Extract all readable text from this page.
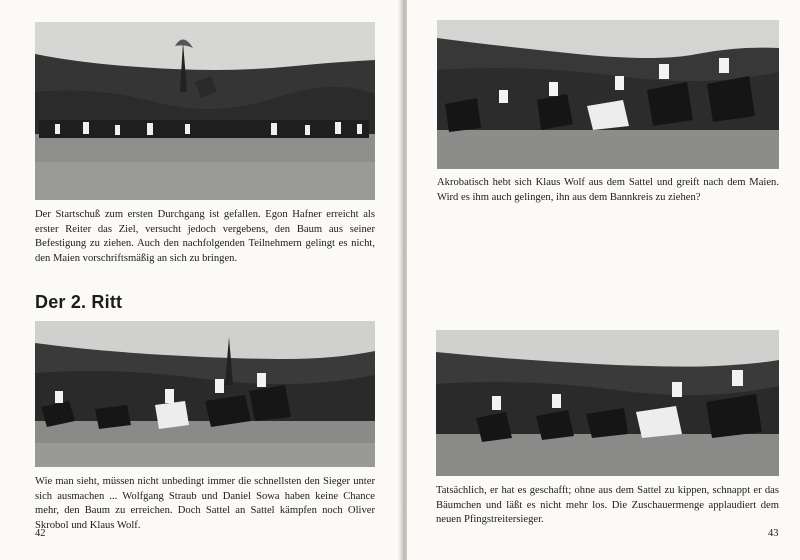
Der Startschuß zum ersten Durchgang ist gefallen. Egon Hafner erreicht als erster Reiter das Ziel, versucht jedoch vergebens, den Baum aus seiner Befestigung zu ziehen. Auch den nachfolgenden Teilnehmern gelingt es nicht, den Maien vorschriftsmäßig an sich zu bringen.

Der 2. Ritt

Wie man sieht, müssen nicht unbedingt immer die schnellsten den Sieger unter sich ausmachen ... Wolfgang Straub und Daniel Sowa haben keine Chance mehr, den Baum zu erreichen. Doch Sattel an Sattel kämpfen noch Oliver Skrobol und Klaus Wolf.

42

Akrobatisch hebt sich Klaus Wolf aus dem Sattel und greift nach dem Maien. Wird es ihm auch gelingen, ihn aus dem Bannkreis zu ziehen?

Tatsächlich, er hat es geschafft; ohne aus dem Sattel zu kippen, schnappt er das Bäumchen und läßt es nicht mehr los. Die Zuschauermenge applaudiert dem neuen Pfingstreitersieger.

43
